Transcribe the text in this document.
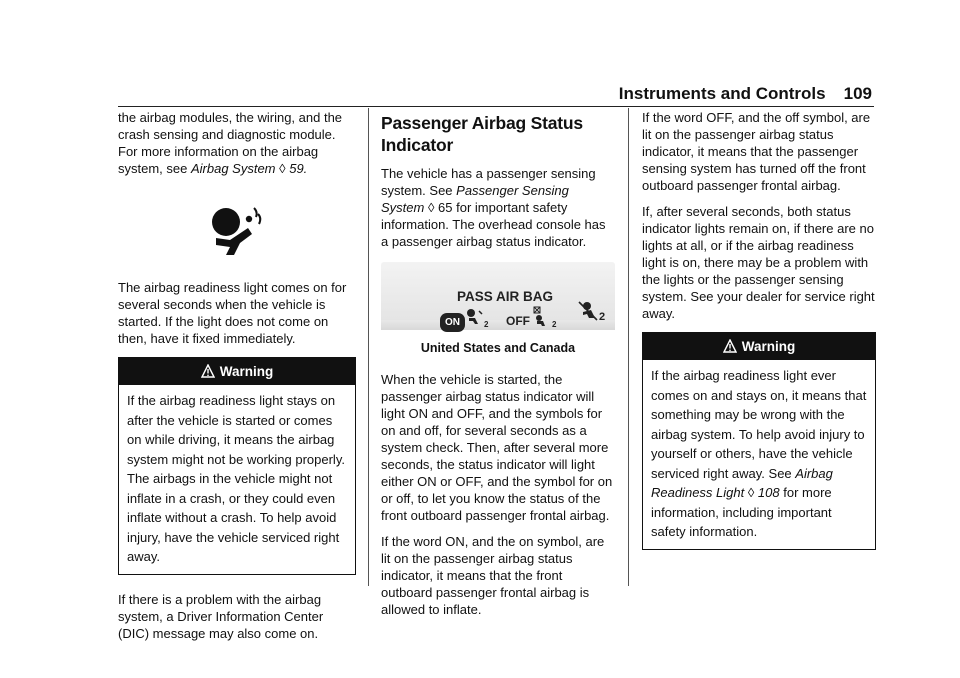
Instruments and Controls 109

the airbag modules, the wiring, and the crash sensing and diagnostic module. For more information on the airbag system, see Airbag System ◊ 59.

The airbag readiness light comes on for several seconds when the vehicle is started. If the light does not come on then, have it fixed immediately.

Warning
If the airbag readiness light stays on after the vehicle is started or comes on while driving, it means the airbag system might not be working properly. The airbags in the vehicle might not inflate in a crash, or they could even inflate without a crash. To help avoid injury, have the vehicle serviced right away.

If there is a problem with the airbag system, a Driver Information Center (DIC) message may also come on.

Passenger Airbag Status Indicator

The vehicle has a passenger sensing system. See Passenger Sensing System ◊ 65 for important safety information. The overhead console has a passenger airbag status indicator.

PASS AIR BAG
ON	2 OFF	2
2
United States and Canada

When the vehicle is started, the passenger airbag status indicator will light ON and OFF, and the symbols for on and off, for several seconds as a system check. Then, after several more seconds, the status indicator will light either ON or OFF, and the symbol for on or off, to let you know the status of the front outboard passenger frontal airbag.

If the word ON, and the on symbol, are lit on the passenger airbag status indicator, it means that the front outboard passenger frontal airbag is allowed to inflate.

If the word OFF, and the off symbol, are lit on the passenger airbag status indicator, it means that the passenger sensing system has turned off the front outboard passenger frontal airbag.

If, after several seconds, both status indicator lights remain on, if there are no lights at all, or if the airbag readiness light is on, there may be a problem with the lights or the passenger sensing system. See your dealer for service right away.

Warning
If the airbag readiness light ever comes on and stays on, it means that something may be wrong with the airbag system. To help avoid injury to yourself or others, have the vehicle serviced right away. See Airbag Readiness Light ◊ 108 for more information, including important safety information.
